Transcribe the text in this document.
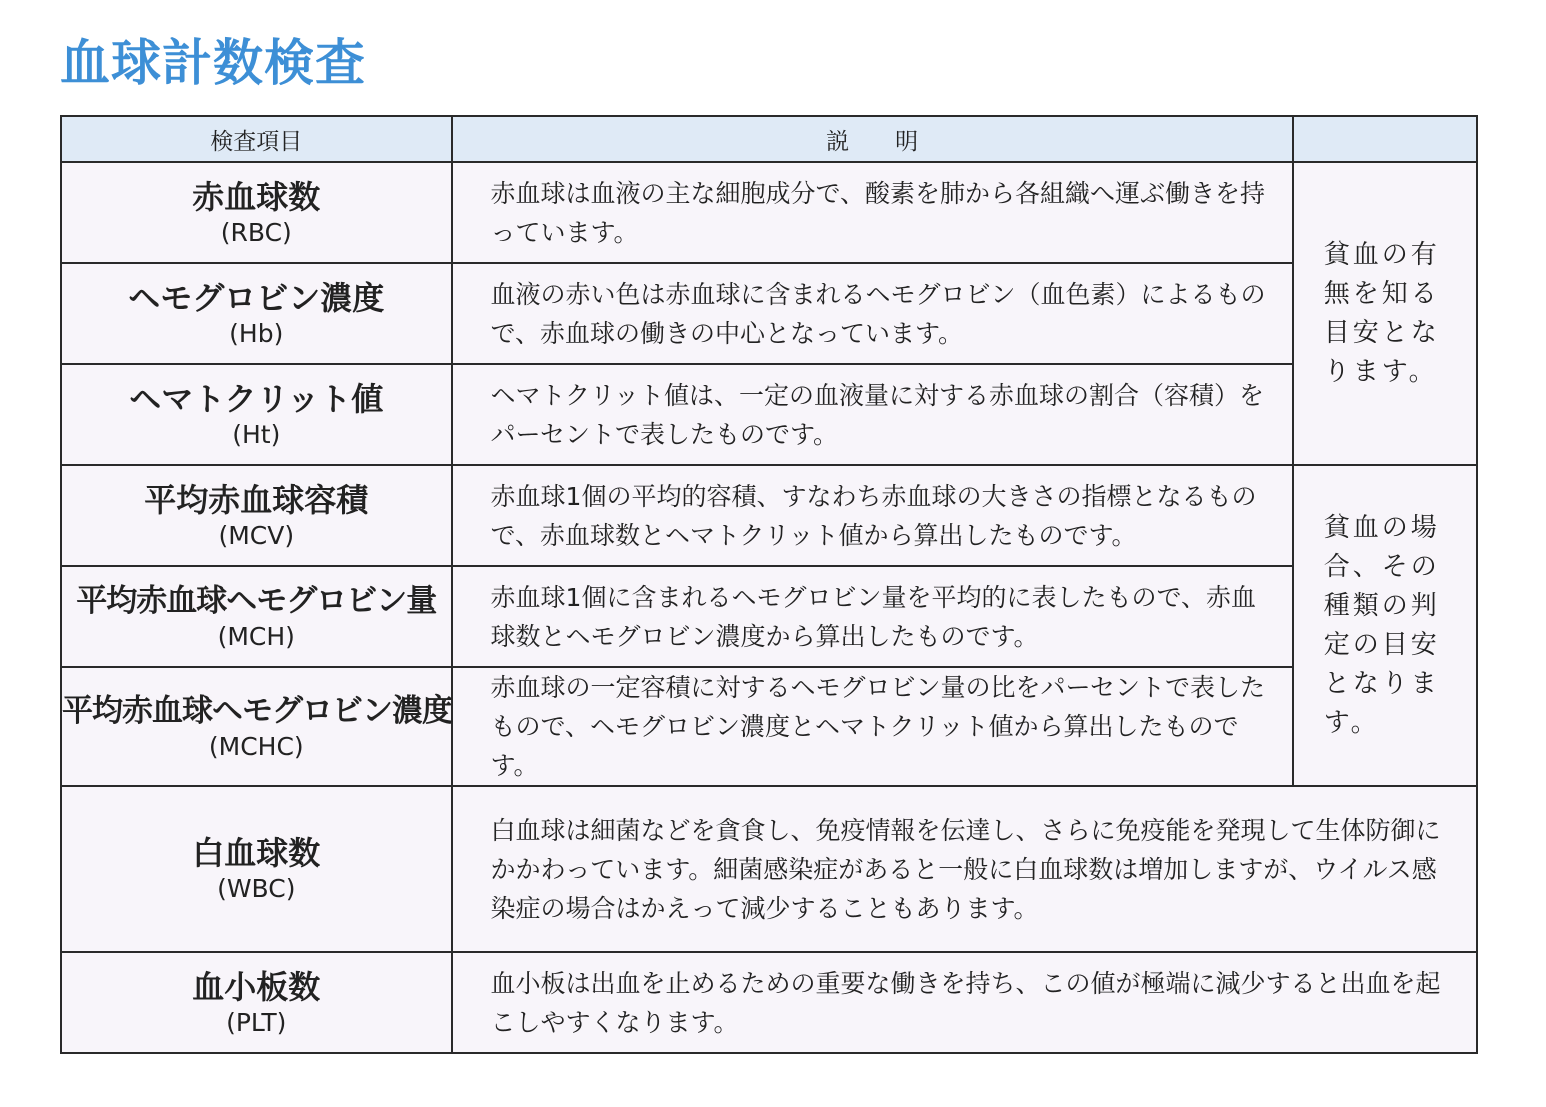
血球計数検査
検査項目	説　　明	

赤血球数
(RBC)	赤血球は血液の主な細胞成分で、酸素を肺から各組織へ運ぶ働きを持っています。	貧血の有無を知る目安となります。

ヘモグロビン濃度
(Hb)	血液の赤い色は赤血球に含まれるヘモグロビン（血色素）によるもので、赤血球の働きの中心となっています。	

ヘマトクリット値
(Ht)	ヘマトクリット値は、一定の血液量に対する赤血球の割合（容積）をパーセントで表したものです。	

平均赤血球容積
(MCV)	赤血球1個の平均的容積、すなわち赤血球の大きさの指標となるもので、赤血球数とヘマトクリット値から算出したものです。	貧血の場合、その種類の判定の目安となります。

平均赤血球ヘモグロビン量
(MCH)	赤血球1個に含まれるヘモグロビン量を平均的に表したもので、赤血球数とヘモグロビン濃度から算出したものです。	

平均赤血球ヘモグロビン濃度
(MCHC)	赤血球の一定容積に対するヘモグロビン量の比をパーセントで表したもので、ヘモグロビン濃度とヘマトクリット値から算出したものです。	

白血球数
(WBC)	白血球は細菌などを貪食し、免疫情報を伝達し、さらに免疫能を発現して生体防御にかかわっています。細菌感染症があると一般に白血球数は増加しますが、ウイルス感染症の場合はかえって減少することもあります。	

血小板数
(PLT)	血小板は出血を止めるための重要な働きを持ち、この値が極端に減少すると出血を起こしやすくなります。	
